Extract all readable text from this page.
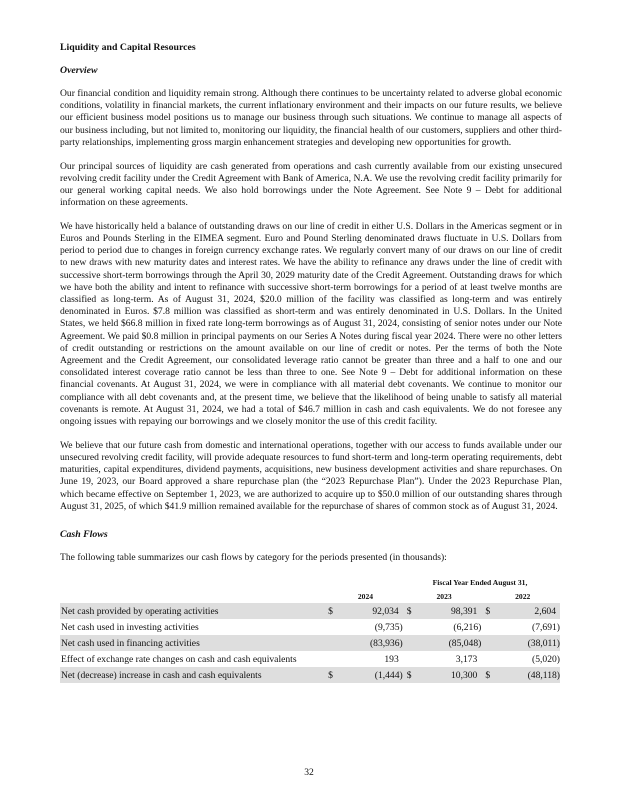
Liquidity and Capital Resources
Overview

Our financial condition and liquidity remain strong. Although there continues to be uncertainty related to adverse global economic conditions, volatility in financial markets, the current inflationary environment and their impacts on our future results, we believe our efficient business model positions us to manage our business through such situations. We continue to manage all aspects of our business including, but not limited to, monitoring our liquidity, the financial health of our customers, suppliers and other third-party relationships, implementing gross margin enhancement strategies and developing new opportunities for growth.

Our principal sources of liquidity are cash generated from operations and cash currently available from our existing unsecured revolving credit facility under the Credit Agreement with Bank of America, N.A. We use the revolving credit facility primarily for our general working capital needs. We also hold borrowings under the Note Agreement. See Note 9 – Debt for additional information on these agreements.

We have historically held a balance of outstanding draws on our line of credit in either U.S. Dollars in the Americas segment or in Euros and Pounds Sterling in the EIMEA segment. Euro and Pound Sterling denominated draws fluctuate in U.S. Dollars from period to period due to changes in foreign currency exchange rates. We regularly convert many of our draws on our line of credit to new draws with new maturity dates and interest rates. We have the ability to refinance any draws under the line of credit with successive short-term borrowings through the April 30, 2029 maturity date of the Credit Agreement. Outstanding draws for which we have both the ability and intent to refinance with successive short-term borrowings for a period of at least twelve months are classified as long-term. As of August 31, 2024, $20.0 million of the facility was classified as long-term and was entirely denominated in Euros. $7.8 million was classified as short-term and was entirely denominated in U.S. Dollars. In the United States, we held $66.8 million in fixed rate long-term borrowings as of August 31, 2024, consisting of senior notes under our Note Agreement. We paid $0.8 million in principal payments on our Series A Notes during fiscal year 2024. There were no other letters of credit outstanding or restrictions on the amount available on our line of credit or notes. Per the terms of both the Note Agreement and the Credit Agreement, our consolidated leverage ratio cannot be greater than three and a half to one and our consolidated interest coverage ratio cannot be less than three to one. See Note 9 – Debt for additional information on these financial covenants. At August 31, 2024, we were in compliance with all material debt covenants. We continue to monitor our compliance with all debt covenants and, at the present time, we believe that the likelihood of being unable to satisfy all material covenants is remote. At August 31, 2024, we had a total of $46.7 million in cash and cash equivalents. We do not foresee any ongoing issues with repaying our borrowings and we closely monitor the use of this credit facility.

We believe that our future cash from domestic and international operations, together with our access to funds available under our unsecured revolving credit facility, will provide adequate resources to fund short-term and long-term operating requirements, debt maturities, capital expenditures, dividend payments, acquisitions, new business development activities and share repurchases. On June 19, 2023, our Board approved a share repurchase plan (the “2023 Repurchase Plan”). Under the 2023 Repurchase Plan, which became effective on September 1, 2023, we are authorized to acquire up to $50.0 million of our outstanding shares through August 31, 2025, of which $41.9 million remained available for the repurchase of shares of common stock as of August 31, 2024.

Cash Flows

The following table summarizes our cash flows by category for the periods presented (in thousands):

Fiscal Year Ended August 31,
	2024			2023			2022	
Net cash provided by operating activities	$	92,034		$	98,391		$	2,604
Net cash used in investing activities		(9,735)			(6,216)			(7,691)
Net cash used in financing activities		(83,936)			(85,048)			(38,011)
Effect of exchange rate changes on cash and cash equivalents		193			3,173			(5,020)
Net (decrease) increase in cash and cash equivalents	$	(1,444)		$	10,300		$	(48,118)
32
